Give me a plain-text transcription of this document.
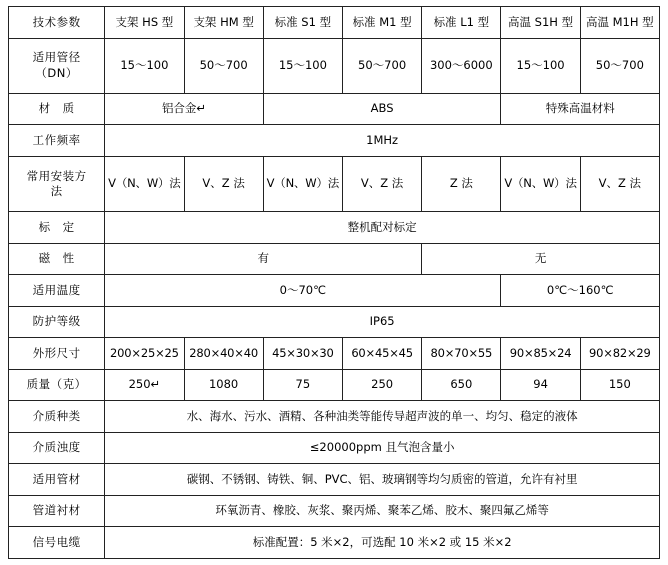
技术参数	支架 HS 型	支架 HM 型	标准 S1 型	标准 M1 型	标准 L1 型	高温 S1H 型	高温 M1H 型

适用管径
（DN）	15～100	50～700	15～100	50～700	300～6000	15～100	50～700
材　质	铝合金↵		ABS			特殊高温材料	
工作频率	1MHz						

常用安装方
法	V（N、W）法	V、Z 法	V（N、W）法	V、Z 法	Z 法	V（N、W）法	V、Z 法
标　定	整机配对标定						
磁　性	有				无		
适用温度	0～70℃					0℃～160℃	
防护等级	IP65						
外形尺寸	200×25×25	280×40×40	45×30×30	60×45×45	80×70×55	90×85×24	90×82×29
质量（克）	250↵	1080	75	250	650	94	150
介质种类	水、海水、污水、酒精、各种油类等能传导超声波的单一、均匀、稳定的液体						
介质浊度	≤20000ppm 且气泡含量小						
适用管材	碳钢、不锈钢、铸铁、铜、PVC、铝、玻璃钢等均匀质密的管道，允许有衬里						
管道衬材	环氧沥青、橡胶、灰浆、聚丙烯、聚苯乙烯、胶木、聚四氟乙烯等						
信号电缆	标准配置：5 米×2，可选配 10 米×2 或 15 米×2						
